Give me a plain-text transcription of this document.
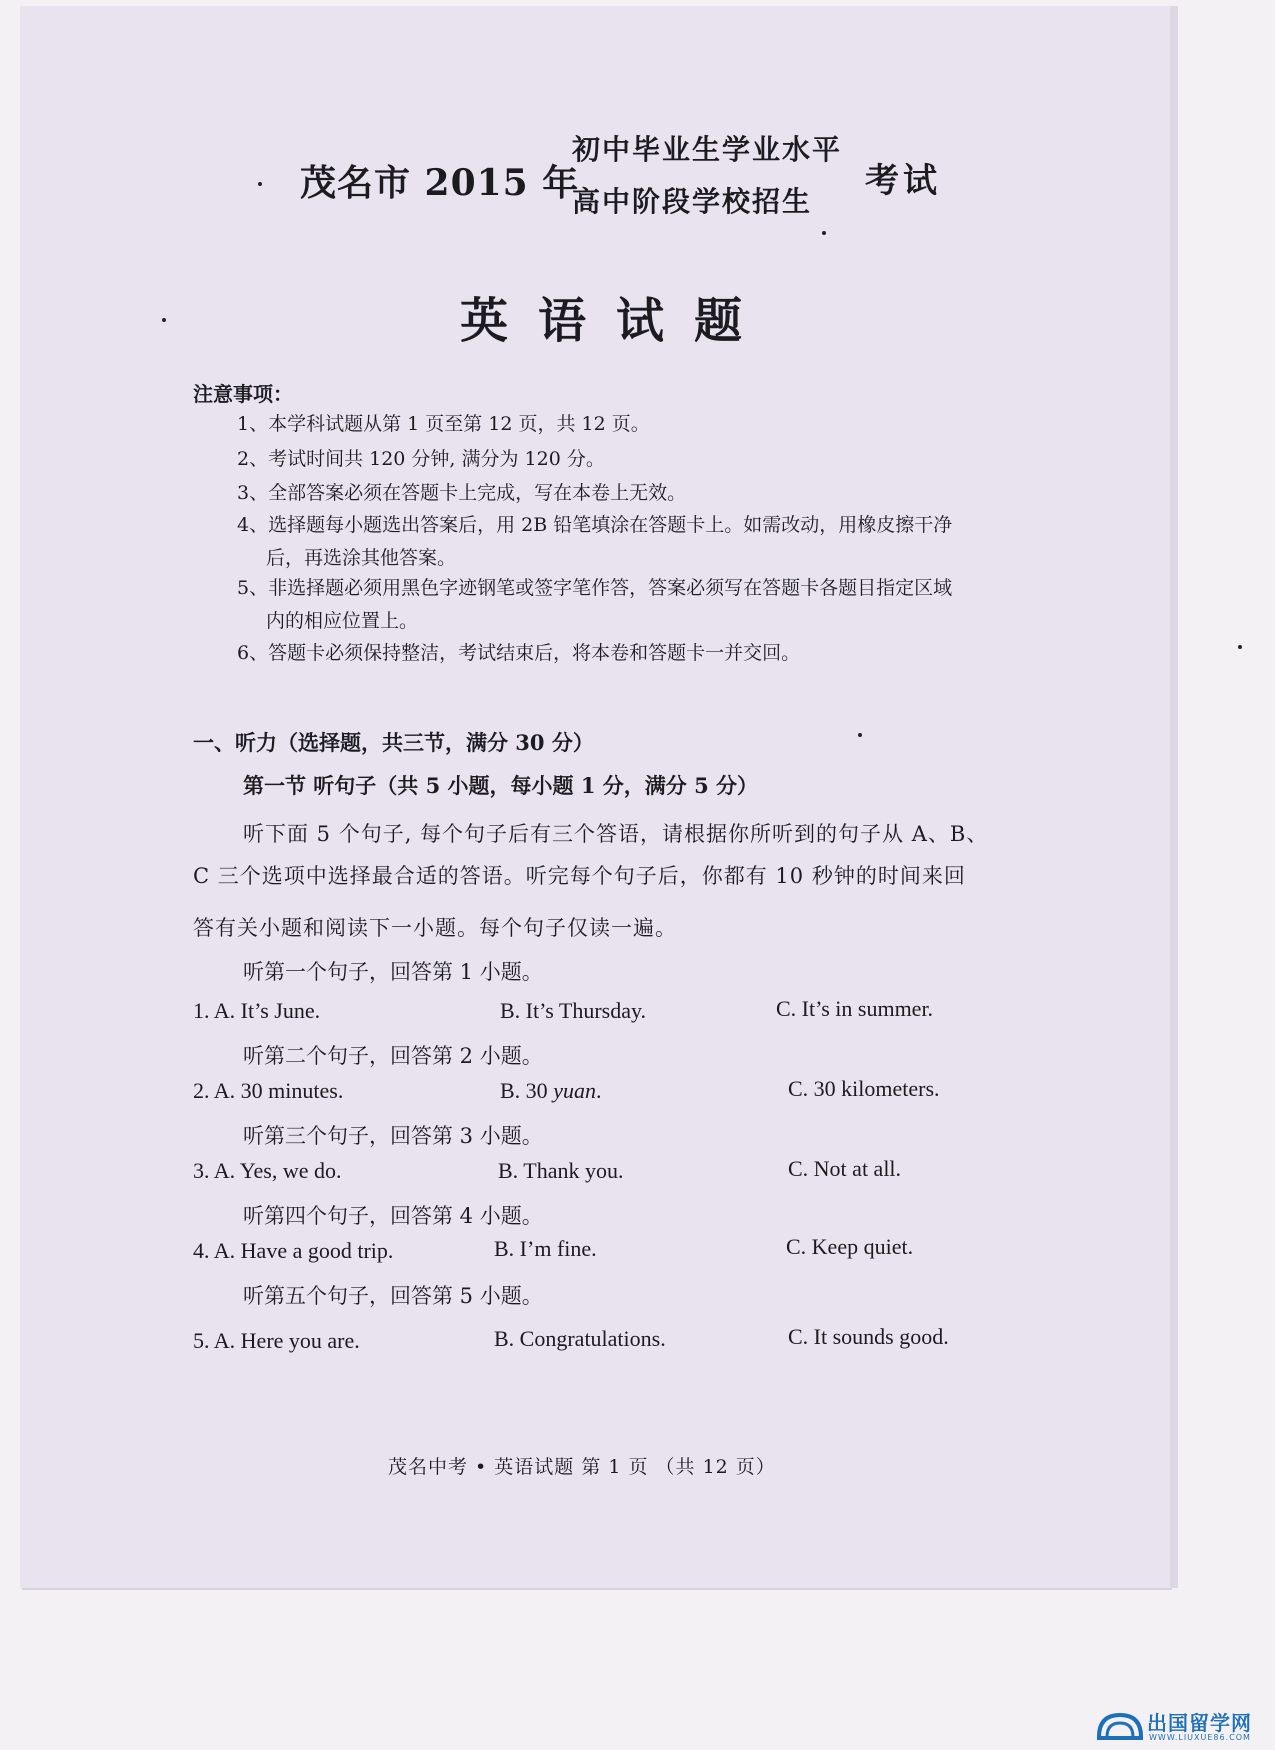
茂名市 2015 年
初中毕业生学业水平
高中阶段学校招生
考试
英语试题
注意事项：
1、本学科试题从第 1 页至第 12 页，共 12 页。
2、考试时间共 120 分钟, 满分为 120 分。
3、全部答案必须在答题卡上完成，写在本卷上无效。
4、选择题每小题选出答案后，用 2B 铅笔填涂在答题卡上。如需改动，用橡皮擦干净
后，再选涂其他答案。
5、非选择题必须用黑色字迹钢笔或签字笔作答，答案必须写在答题卡各题目指定区域
内的相应位置上。
6、答题卡必须保持整洁，考试结束后，将本卷和答题卡一并交回。
一、听力（选择题，共三节，满分 30 分）
第一节 听句子（共 5 小题，每小题 1 分，满分 5 分）
听下面 5 个句子, 每个句子后有三个答语，请根据你所听到的句子从 A、B、
C 三个选项中选择最合适的答语。听完每个句子后，你都有 10 秒钟的时间来回
答有关小题和阅读下一小题。每个句子仅读一遍。
听第一个句子，回答第 1 小题。
1. A. It’s June.	B. It’s Thursday.	C. It’s in summer.
听第二个句子，回答第 2 小题。
2. A. 30 minutes.	B. 30 yuan.	C. 30 kilometers.
听第三个句子，回答第 3 小题。
3. A. Yes, we do.	B. Thank you.	C. Not at all.
听第四个句子，回答第 4 小题。
4. A. Have a good trip.	B. I’m fine.	C. Keep quiet.
听第五个句子，回答第 5 小题。
5. A. Here you are.	B. Congratulations.	C. It sounds good.
茂名中考 • 英语试题 第 1 页 （共 12 页）
出国留学网
WWW.LIUXUE86.COM
